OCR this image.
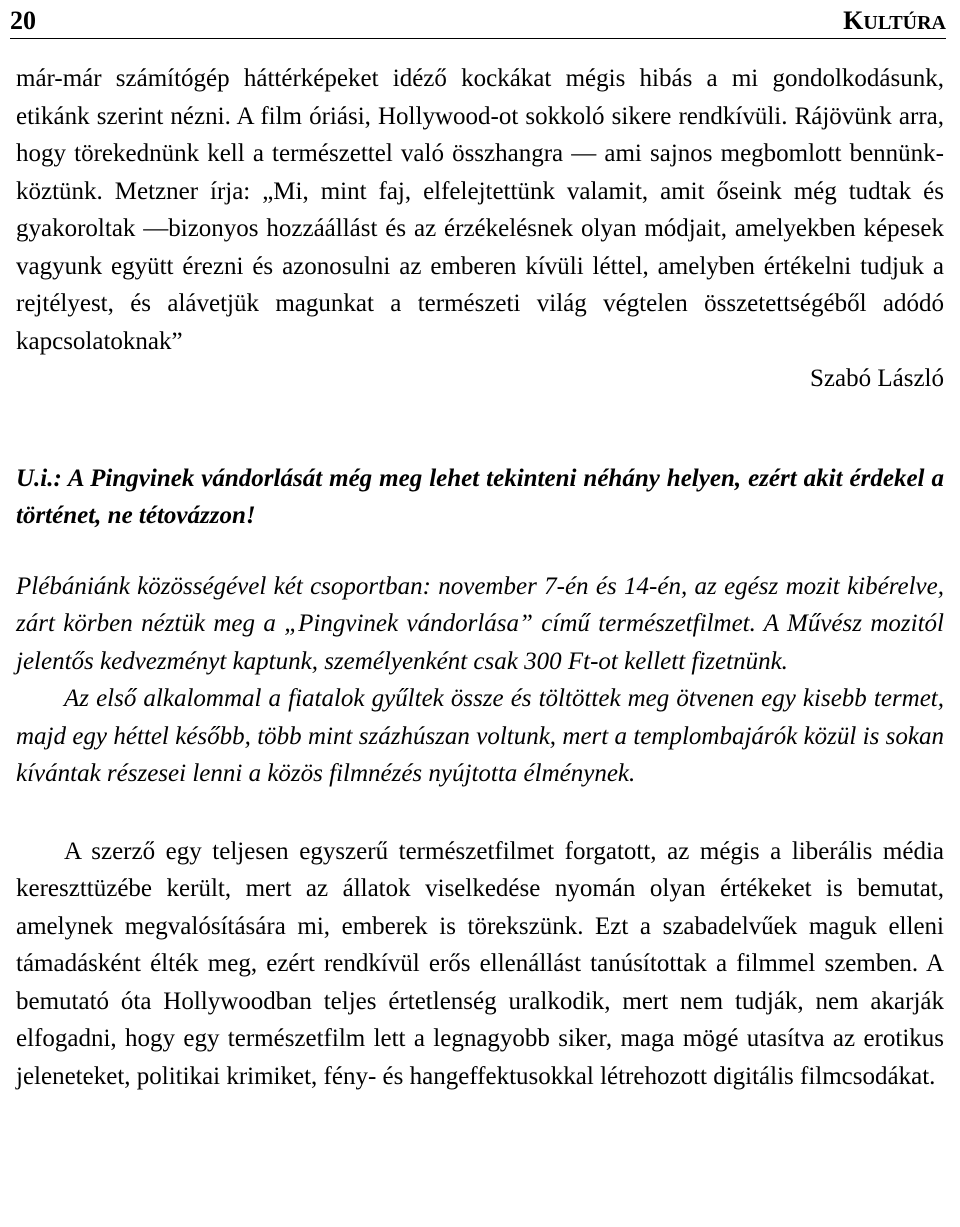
20	KULTÚRA

már-már számítógép háttérképeket idéző kockákat mégis hibás a mi gondolkodásunk, etikánk szerint nézni. A film óriási, Hollywood-ot sokkoló sikere rendkívüli. Rájövünk arra, hogy törekednünk kell a természettel való összhangra — ami sajnos megbomlott bennünk-köztünk. Metzner írja: „Mi, mint faj, elfelejtettünk valamit, amit őseink még tudtak és gyakoroltak —bizonyos hozzáállást és az érzékelésnek olyan módjait, amelyekben képesek vagyunk együtt érezni és azonosulni az emberen kívüli léttel, amelyben értékelni tudjuk a rejtélyest, és alávetjük magunkat a természeti világ végtelen összetettségéből adódó kapcsolatoknak”

Szabó László

U.i.: A Pingvinek vándorlását még meg lehet tekinteni néhány helyen, ezért akit érdekel a történet, ne tétovázzon!

Plébániánk közösségével két csoportban: november 7-én és 14-én, az egész mozit kibérelve, zárt körben néztük meg a „Pingvinek vándorlása” című természetfilmet. A Művész mozitól jelentős kedvezményt kaptunk, személyenként csak 300 Ft-ot kellett fizetnünk.

Az első alkalommal a fiatalok gyűltek össze és töltöttek meg ötvenen egy kisebb termet, majd egy héttel később, több mint százhúszan voltunk, mert a templombajárók közül is sokan kívántak részesei lenni a közös filmnézés nyújtotta élménynek.

A szerző egy teljesen egyszerű természetfilmet forgatott, az mégis a liberális média kereszttüzébe került, mert az állatok viselkedése nyomán olyan értékeket is bemutat, amelynek megvalósítására mi, emberek is törekszünk. Ezt a szabadelvűek maguk elleni támadásként élték meg, ezért rendkívül erős ellenállást tanúsítottak a filmmel szemben. A bemutató óta Hollywoodban teljes értetlenség uralkodik, mert nem tudják, nem akarják elfogadni, hogy egy természetfilm lett a legnagyobb siker, maga mögé utasítva az erotikus jeleneteket, politikai krimiket, fény- és hangeffektusokkal létrehozott digitális filmcsodákat.
